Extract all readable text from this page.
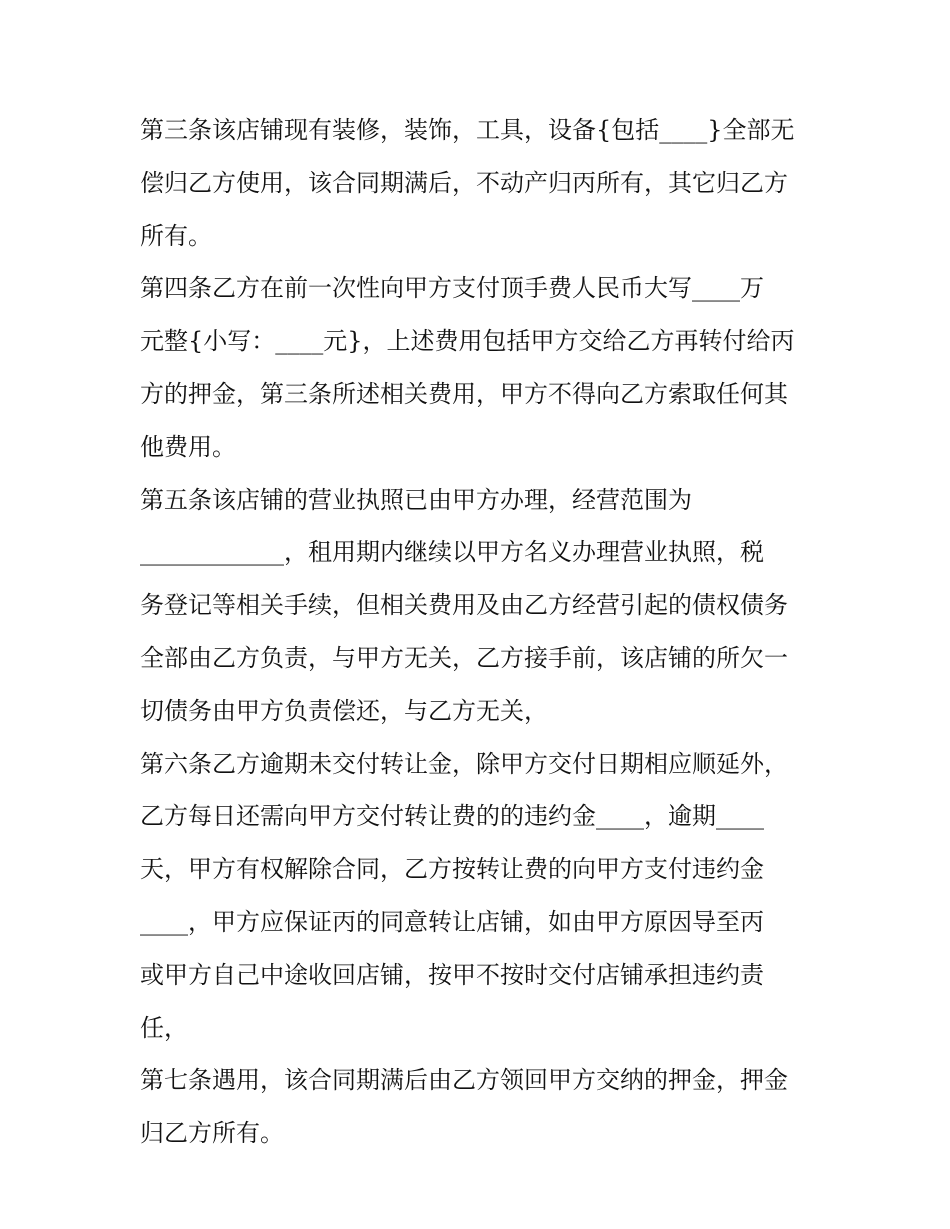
第三条该店铺现有装修，装饰，工具，设备{包括____}全部无
偿归乙方使用，该合同期满后，不动产归丙所有，其它归乙方
所有。
第四条乙方在前一次性向甲方支付顶手费人民币大写____万
元整{小写：____元}，上述费用包括甲方交给乙方再转付给丙
方的押金，第三条所述相关费用，甲方不得向乙方索取任何其
他费用。
第五条该店铺的营业执照已由甲方办理，经营范围为
____________，租用期内继续以甲方名义办理营业执照，税
务登记等相关手续，但相关费用及由乙方经营引起的债权债务
全部由乙方负责，与甲方无关，乙方接手前，该店铺的所欠一
切债务由甲方负责偿还，与乙方无关，
第六条乙方逾期未交付转让金，除甲方交付日期相应顺延外，
乙方每日还需向甲方交付转让费的的违约金____，逾期____
天，甲方有权解除合同，乙方按转让费的向甲方支付违约金
____，甲方应保证丙的同意转让店铺，如由甲方原因导至丙
或甲方自己中途收回店铺，按甲不按时交付店铺承担违约责
任，
第七条遇用，该合同期满后由乙方领回甲方交纳的押金，押金
归乙方所有。
